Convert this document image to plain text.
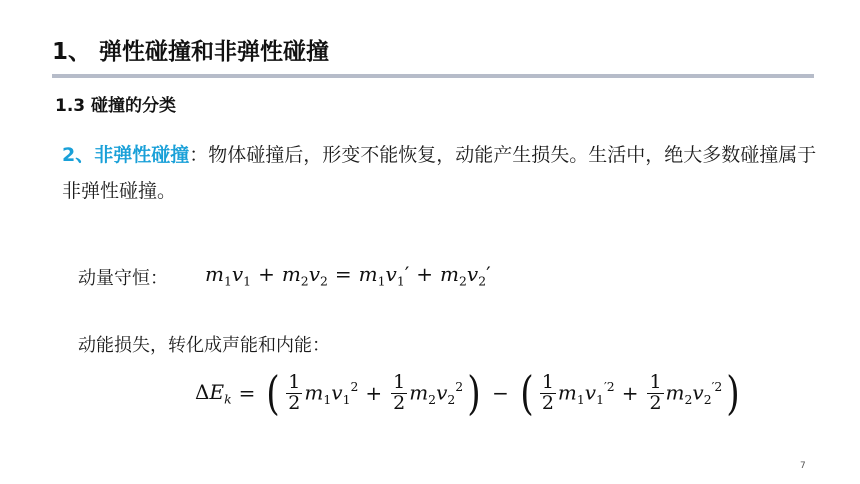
1、 弹性碰撞和非弹性碰撞
1.3 碰撞的分类
2、非弹性碰撞：物体碰撞后，形变不能恢复，动能产生损失。生活中，绝大多数碰撞属于非弹性碰撞。
动量守恒： $m_1v_1 + m_2v_2 = m_1v_1' + m_2v_2'$
动能损失，转化成声能和内能：
$\Delta E_k$ = ( $\frac{1}{2} m_1v_1^2 + \frac{1}{2} m_2v_2^2$ ) − ( $\frac{1}{2} m_1v_1^{'2} + \frac{1}{2} m_2v_2^{'2}$ )
7
